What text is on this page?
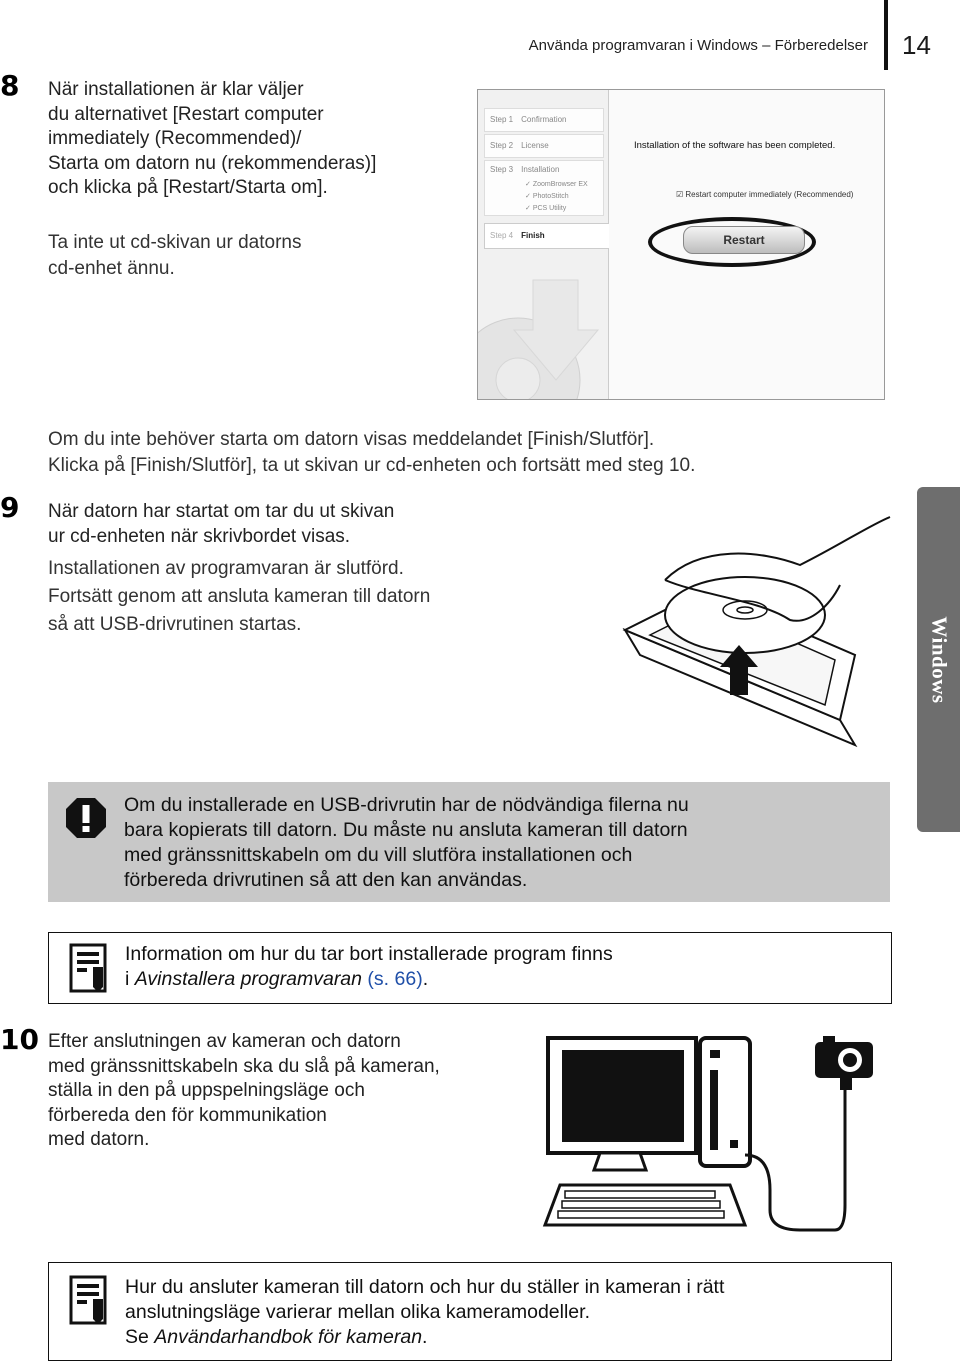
Använda programvaran i Windows – Förberedelser 14
Windows
8 När installationen är klar väljer
du alternativet [Restart computer
immediately (Recommended)/
Starta om datorn nu (rekommenderas)]
och klicka på [Restart/Starta om].
Ta inte ut cd-skivan ur datorns
cd-enhet ännu.
Step 1 Confirmation
Step 2 License
Step 3 Installation
✓ ZoomBrowser EX
✓ PhotoStitch
✓ PCS Utility
Step 4 Finish
Installation of the software has been completed.
☑ Restart computer immediately (Recommended)
Restart
Om du inte behöver starta om datorn visas meddelandet [Finish/Slutför].
Klicka på [Finish/Slutför], ta ut skivan ur cd-enheten och fortsätt med steg 10.
9 När datorn har startat om tar du ut skivan
ur cd-enheten när skrivbordet visas.
Installationen av programvaran är slutförd.
Fortsätt genom att ansluta kameran till datorn
så att USB-drivrutinen startas.
Om du installerade en USB-drivrutin har de nödvändiga filerna nu
bara kopierats till datorn. Du måste nu ansluta kameran till datorn
med gränssnittskabeln om du vill slutföra installationen och
förbereda drivrutinen så att den kan användas.
Information om hur du tar bort installerade program finns
i Avinstallera programvaran (s. 66).
10 Efter anslutningen av kameran och datorn
med gränssnittskabeln ska du slå på kameran,
ställa in den på uppspelningsläge och
förbereda den för kommunikation
med datorn.
Hur du ansluter kameran till datorn och hur du ställer in kameran i rätt
anslutningsläge varierar mellan olika kameramodeller.
Se Användarhandbok för kameran.
